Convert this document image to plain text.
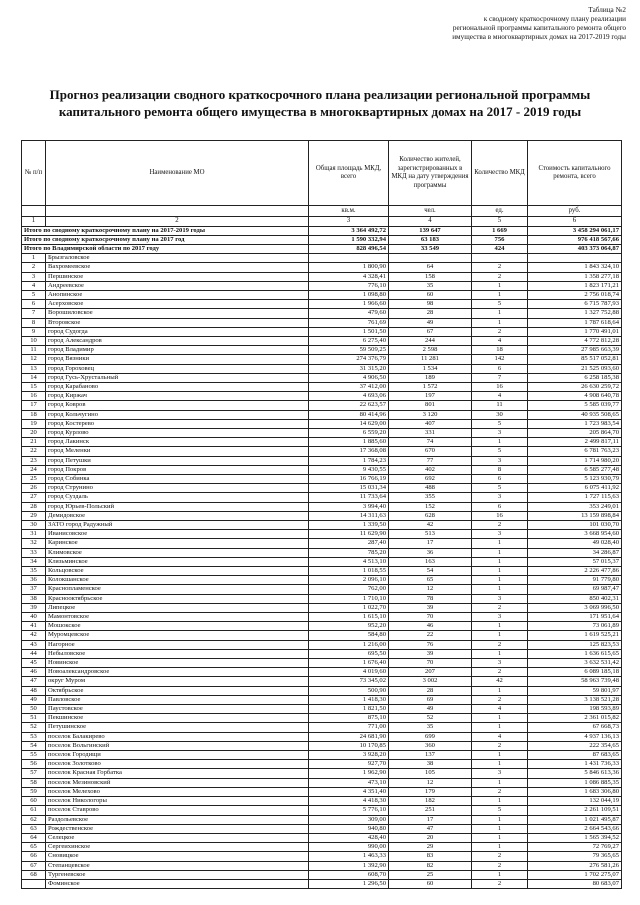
Таблица №2
к сводному краткосрочному плану реализации
региональной программы капитального ремонта общего
имущества в многоквартирных домах на 2017-2019 годы
Прогноз реализации сводного краткосрочного плана реализации региональной программы
капитального ремонта общего имущества в многоквартирных домах на 2017 - 2019 годы
№ п/п	Наименование МО	Общая площадь МКД, всего	Количество жителей, зарегистрированных в МКД на дату утверждения программы	Количество МКД	Стоимость капитального ремонта, всего
		кв.м.	чел.	ед.	руб.
1	2	3	4	5	6
Итого по сводному краткосрочному плану на 2017-2019 годы		3 364 492,72	139 647	1 669	3 458 294 061,17
Итого по сводному краткосрочному плану на 2017 год		1 590 332,94	63 183	756	976 418 567,66
Итого по Владимирской области по 2017 году		828 496,54	33 549	424	403 373 064,87
1	Брызгаловское				
2	Вахромеевское	1 800,90	64	2	1 843 324,10
3	Першинское	4 328,41	158	2	1 358 277,18
4	Андреевское	776,10	35	1	1 823 171,21
5	Анопинское	1 098,80	60	1	2 756 018,74
6	Асерховское	1 966,60	98	5	6 715 787,93
7	Ворошиловское	479,60	28	1	1 327 752,88
8	Второвское	761,69	49	1	1 787 618,64
9	город Судогда	1 501,50	67	2	1 770 491,01
10	город Александров	6 275,40	244	4	4 772 812,28
11	город Владимир	59 509,25	2 598	18	27 985 663,39
12	город Вязники	274 376,79	11 281	142	85 517 052,81
13	город Гороховец	31 315,20	1 534	6	21 525 093,60
14	город Гусь-Хрустальный	4 906,50	189	7	6 258 185,38
15	город Карабаново	37 412,00	1 572	16	26 630 259,72
16	город Киржач	4 693,06	197	4	4 908 640,78
17	город Ковров	22 623,57	801	11	5 585 039,77
18	город Кольчугино	80 414,96	3 120	30	40 935 508,65
19	город Костерево	14 629,00	407	5	1 723 983,54
20	город Курлово	6 559,20	331	3	205 864,70
21	город Лакинск	1 885,60	74	1	2 499 817,11
22	город Меленки	17 368,08	670	5	6 781 763,23
23	город Петушки	1 784,23	77	3	1 714 980,20
24	город Покров	9 430,55	402	8	6 585 277,48
25	город Собинка	16 766,19	692	6	5 123 930,79
26	город Струнино	15 031,34	488	5	6 075 411,92
27	город Суздаль	11 733,64	355	3	1 727 115,63
28	город Юрьев-Польский	3 994,40	152	6	353 249,01
29	Демидовское	14 311,63	628	16	13 159 898,84
30	ЗАТО город Радужный	1 339,50	42	2	101 030,70
31	Иванисовское	11 629,90	513	3	3 668 954,60
32	Каринское	287,40	17	1	49 028,40
33	Климовское	785,20	36	1	34 286,87
34	Клязьминское	4 513,10	163	1	57 015,37
35	Кольцовское	1 018,55	54	1	2 226 477,86
36	Колокшанское	2 096,10	65	1	91 779,80
37	Краснопламенское	762,00	12	1	69 987,47
38	Краснооктябрьское	1 710,10	78	3	850 402,31
39	Липецкое	1 022,70	39	2	3 069 996,50
40	Мамонтовское	1 615,10	70	3	171 951,64
41	Мошокское	952,20	46	1	73 061,89
42	Муромцевское	584,80	22	1	1 619 525,21
43	Нагорное	1 216,00	76	2	125 823,53
44	Небыловское	695,50	39	1	1 636 615,65
45	Новинское	1 676,40	70	3	3 632 531,42
46	Новоалександровское	4 019,60	207	2	6 089 185,18
47	округ Муром	73 345,02	3 002	42	58 963 739,48
48	Октябрьское	500,90	28	1	59 801,97
49	Павловское	1 418,30	69	2	3 138 521,28
50	Паустовское	1 821,50	49	4	198 593,89
51	Пекшинское	875,10	52	1	2 361 015,82
52	Петушинское	771,00	35	1	67 668,73
53	поселок Балакирево	24 681,90	699	4	4 937 136,13
54	поселок Вольгинский	10 170,85	360	2	222 354,65
55	поселок Городищи	3 928,20	137	1	87 683,65
56	поселок Золотково	927,70	38	1	1 431 736,33
57	поселок Красная Горбатка	1 962,90	105	3	5 846 613,36
58	поселок Мезиновский	473,10	12	1	1 086 885,35
59	поселок Мелехово	4 351,40	179	2	1 683 306,80
60	поселок Никологоры	4 418,30	182	1	132 044,19
61	поселок Ставрово	5 776,10	251	5	2 261 109,51
62	Раздольевское	309,00	17	1	1 021 495,87
63	Рождественское	940,80	47	1	2 664 543,66
64	Селецкое	428,40	20	1	1 565 394,52
65	Сергеихинское	990,00	29	1	72 769,27
66	Сновицкое	1 463,33	83	2	79 365,65
67	Степанцевское	1 392,90	82	2	276 581,26
68	Тургеневское	608,70	25	1	1 702 275,07
	Фоминское	1 296,50	60	2	80 683,07
